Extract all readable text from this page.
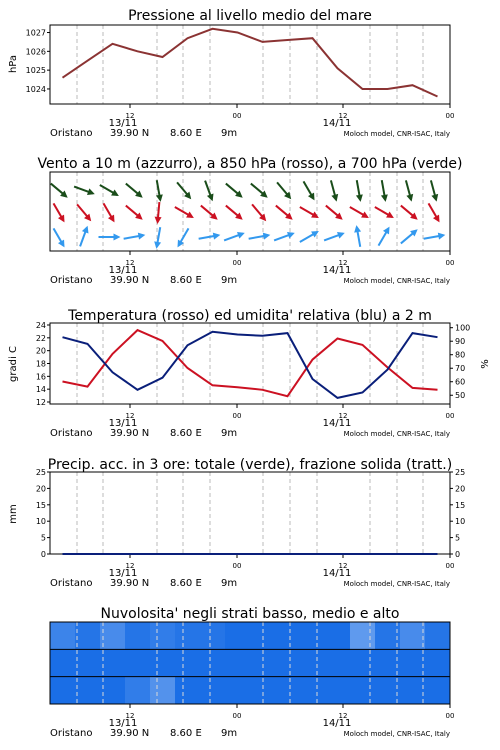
Pressione al livello medio del mare
12	00	12	00
13/11	14/11
Oristano 39.90 N 8.60 E 9m	Moloch model, CNR-ISAC, Italy
1024
1025
1026
1027
hPa
Vento a 10 m (azzurro), a 850 hPa (rosso), a 700 hPa (verde)
12	00	12	00
13/11	14/11
Oristano 39.90 N 8.60 E 9m	Moloch model, CNR-ISAC, Italy
Temperatura (rosso) ed umidita' relativa (blu) a 2 m
12	00	12	00
13/11	14/11
Oristano 39.90 N 8.60 E 9m	Moloch model, CNR-ISAC, Italy
12
14
16
18
20
22
24
50
60
70
80
90
100
gradi C	%
Precip. acc. in 3 ore: totale (verde), frazione solida (tratt.)
12	00	12	00
13/11	14/11
Oristano 39.90 N 8.60 E 9m	Moloch model, CNR-ISAC, Italy
0	0
5	5
10	10
15	15
20	20
25	25
mm
Nuvolosita' negli strati basso, medio e alto
12	00	12	00
13/11	14/11
Oristano 39.90 N 8.60 E 9m	Moloch model, CNR-ISAC, Italy
